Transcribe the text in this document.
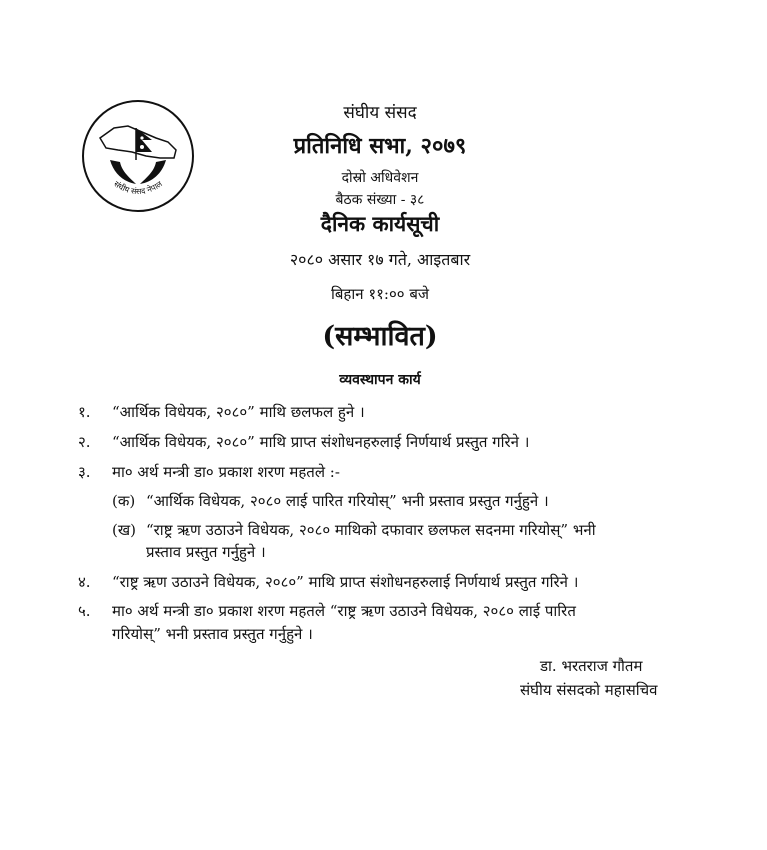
संघीय संसद नेपाल
संघीय संसद
प्रतिनिधि सभा, २०७९
दोस्रो अधिवेशन
बैठक संख्या - ३८
दैनिक कार्यसूची
२०८० असार १७ गते, आइतबार
बिहान ११:०० बजे
(सम्भावित)
व्यवस्थापन कार्य
१. “आर्थिक विधेयक, २०८०” माथि छलफल हुने ।
२. “आर्थिक विधेयक, २०८०” माथि प्राप्त संशोधनहरुलाई निर्णयार्थ प्रस्तुत गरिने ।
३. मा० अर्थ मन्त्री डा० प्रकाश शरण महतले :-
(क) “आर्थिक विधेयक, २०८० लाई पारित गरियोस्” भनी प्रस्ताव प्रस्तुत गर्नुहुने ।
(ख) “राष्ट्र ऋण उठाउने विधेयक, २०८० माथिको दफावार छलफल सदनमा गरियोस्” भनी
प्रस्ताव प्रस्तुत गर्नुहुने ।
४. “राष्ट्र ऋण उठाउने विधेयक, २०८०” माथि प्राप्त संशोधनहरुलाई निर्णयार्थ प्रस्तुत गरिने ।
५. मा० अर्थ मन्त्री डा० प्रकाश शरण महतले “राष्ट्र ऋण उठाउने विधेयक, २०८० लाई पारित
गरियोस्” भनी प्रस्ताव प्रस्तुत गर्नुहुने ।
डा. भरतराज गौतम
संघीय संसदको महासचिव
